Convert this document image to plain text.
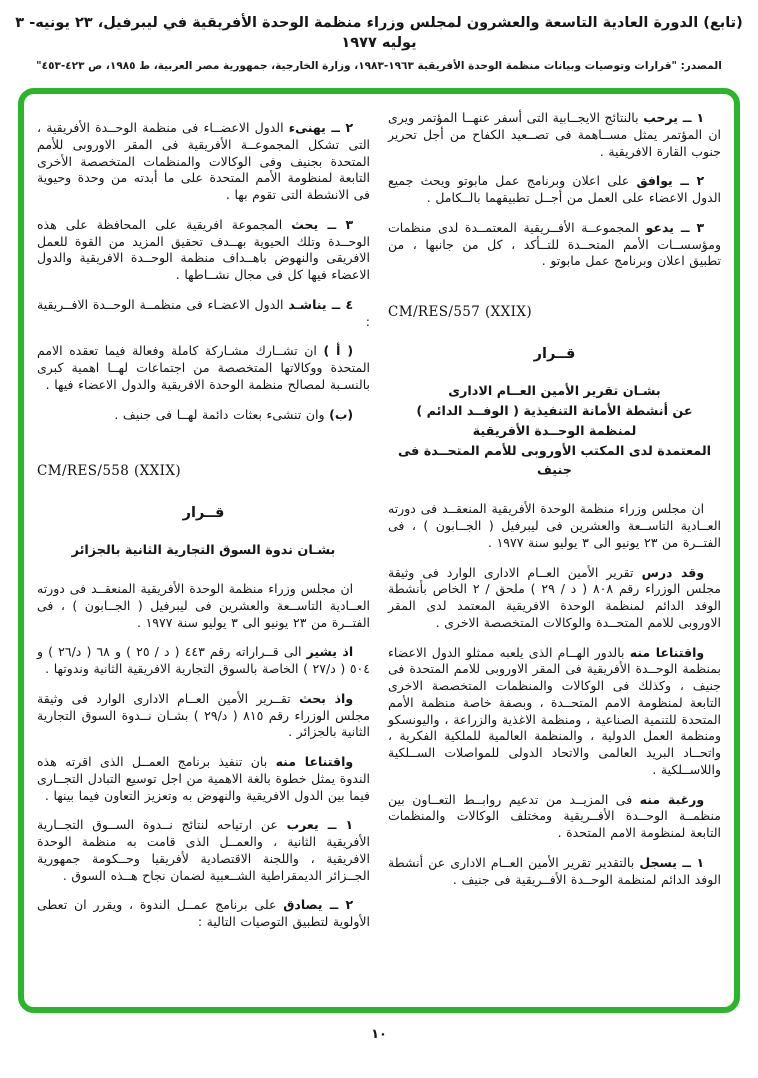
(تابع) الدورة العادية التاسعة والعشرون لمجلس وزراء منظمة الوحدة الأفريقية في ليبرفيل، ٢٣ يونيه- ٣ يوليه ١٩٧٧
المصدر: "قرارات وتوصيات وبيانات منظمة الوحدة الأفريقية ١٩٦٣-١٩٨٣، وزارة الخارجية، جمهورية مصر العربية، ط ١٩٨٥، ص ٤٢٣-٤٥٣"

١ ــ يرحب بالنتائج الايجــابية التى أسفر عنهــا المؤتمر ويرى ان المؤتمر يمثل مســاهمة فى تصــعيد الكفاح من أجل تحرير جنوب القارة الافريقية .

٢ ــ يوافق على اعلان وبرنامج عمل مابوتو ويحث جميع الدول الاعضاء على العمل من أجــل تطبيقهما بالــكامل .

٣ ــ يدعو المجموعــة الأفــريقية المعتمــدة لدى منظمات ومؤسســات الأمم المتحــدة للتــأكد ، كل من جانبها ، من تطبيق اعلان وبرنامج عمل مابوتو .

CM/RES/557 (XXIX)
قــرار
بشـان تقرير الأمين العــام الادارى
عن أنشطة الأمانة التنفيذية ( الوفــد الدائم )
لمنظمة الوحــدة الأفريقية
المعتمدة لدى المكتب الأوروبى للأمم المتحــدة فى جنيف

ان مجلس وزراء منظمة الوحدة الأفريقية المنعقــد فى دورته العــادية التاســعة والعشرين فى ليبرفيل ( الجــابون ) ، فى الفتــرة من ٢٣ يونيو الى ٣ يوليو سنة ١٩٧٧ .

وقد درس تقرير الأمين العــام الادارى الوارد فى وثيقة مجلس الوزراء رقم ٨٠٨ ( د / ٢٩ ) ملحق / ٢ الخاص بأنشطة الوفد الدائم لمنظمة الوحدة الافريقية المعتمد لدى المقر الاوروبى للامم المتحــدة والوكالات المتخصصة الاخرى .

واقتناعا منه بالدور الهــام الذى يلعبه ممثلو الدول الاعضاء بمنظمة الوحــدة الأفريقية فى المقر الاوروبى للامم المتحدة فى جنيف ، وكذلك فى الوكالات والمنظمات المتخصصة الاخرى التابعة لمنظومة الامم المتحــدة ، وبصفة خاصة منظمة الأمم المتحدة للتنمية الصناعية ، ومنظمة الاغذية والزراعة ، واليونسكو ومنظمة العمل الدولية ، والمنظمة العالمية للملكية الفكرية ، واتحــاد البريد العالمى والاتحاد الدولى للمواصلات الســلكية واللاســلكية .

ورغبة منه فى المزيــد من تدعيم روابــط التعــاون بين منظمــة الوحــدة الأفــريقية ومختلف الوكالات والمنظمات التابعة لمنظومة الامم المتحدة .

١ ــ يسجل بالتقدير تقرير الأمين العــام الادارى عن أنشطة الوفد الدائم لمنظمة الوحــدة الأفــريقية فى جنيف .

٢ ــ يهنىء الدول الاعضــاء فى منظمة الوحــدة الأفريقية ، التى تشكل المجموعــة الأفريقية فى المقر الاوروبى للأمم المتحدة بجنيف وفى الوكالات والمنظمات المتخصصة الأخرى التابعة لمنظومة الأمم المتحدة على ما أبدته من وحدة وحيوية فى الانشطة التى تقوم بها .

٣ ــ يحث المجموعة افريقية على المحافظة على هذه الوحــدة وتلك الحيوية بهــدف تحقيق المزيد من القوة للعمل الافريقى والنهوض باهــداف منظمة الوحــدة الافريقية والدول الاعضاء فيها كل فى مجال نشــاطها .

٤ ــ يناشـد الدول الاعضـاء فى منظمــة الوحــدة الافــريقية :

( أ ) ان تشــارك مشـاركة كاملة وفعالة فيما تعقده الامم المتحدة ووكالاتها المتخصصة من اجتماعات لهــا اهمية كبرى بالنسـبة لمصالح منظمة الوحدة الافريقية والدول الاعضاء فيها .

(ب) وان تنشىء بعثات دائمة لهــا فى جنيف .

CM/RES/558 (XXIX)
قــرار
بشـان ندوة السوق التجارية الثانية بالجزائر

ان مجلس وزراء منظمة الوحدة الأفريقية المنعقــد فى دورته العــادية التاســعة والعشرين فى ليبرفيل ( الجــابون ) ، فى الفتــرة من ٢٣ يونيو الى ٣ يوليو سنة ١٩٧٧ .

اذ يشير الى قــراراته رقم ٤٤٣ ( د / ٢٥ ) و ٦٨ ( د/٢٦ ) و ٥٠٤ ( د/٢٧ ) الخاصة بالسوق التجارية الافريقية الثانية وندوتها .

واذ بحث تقــرير الأمين العــام الادارى الوارد فى وثيقة مجلس الوزراء رقم ٨١٥ ( د/٢٩ ) بشـان نــدوة السوق التجارية الثانية بالجزائر .

واقتناعا منه بان تنفيذ برنامج العمــل الذى اقرته هذه الندوة يمثل خطوة بالغة الاهمية من اجل توسيع التبادل التجــارى فيما بين الدول الافريقية والنهوض به وتعزيز التعاون فيما بينها .

١ ــ يعرب عن ارتياحه لنتائج نــدوة الســوق التجــارية الأفريقية الثانية ، والعمــل الذى قامت به منظمة الوحدة الافريقية ، واللجنة الاقتصادية لأفريقيا وحــكومة جمهورية الجــزائر الديمقراطية الشــعبية لضمان نجاح هــذه السوق .

٢ ــ يصادق على برنامج عمــل الندوة ، ويقرر ان تعطى الأولوية لتطبيق التوصيات التالية :

١٠
